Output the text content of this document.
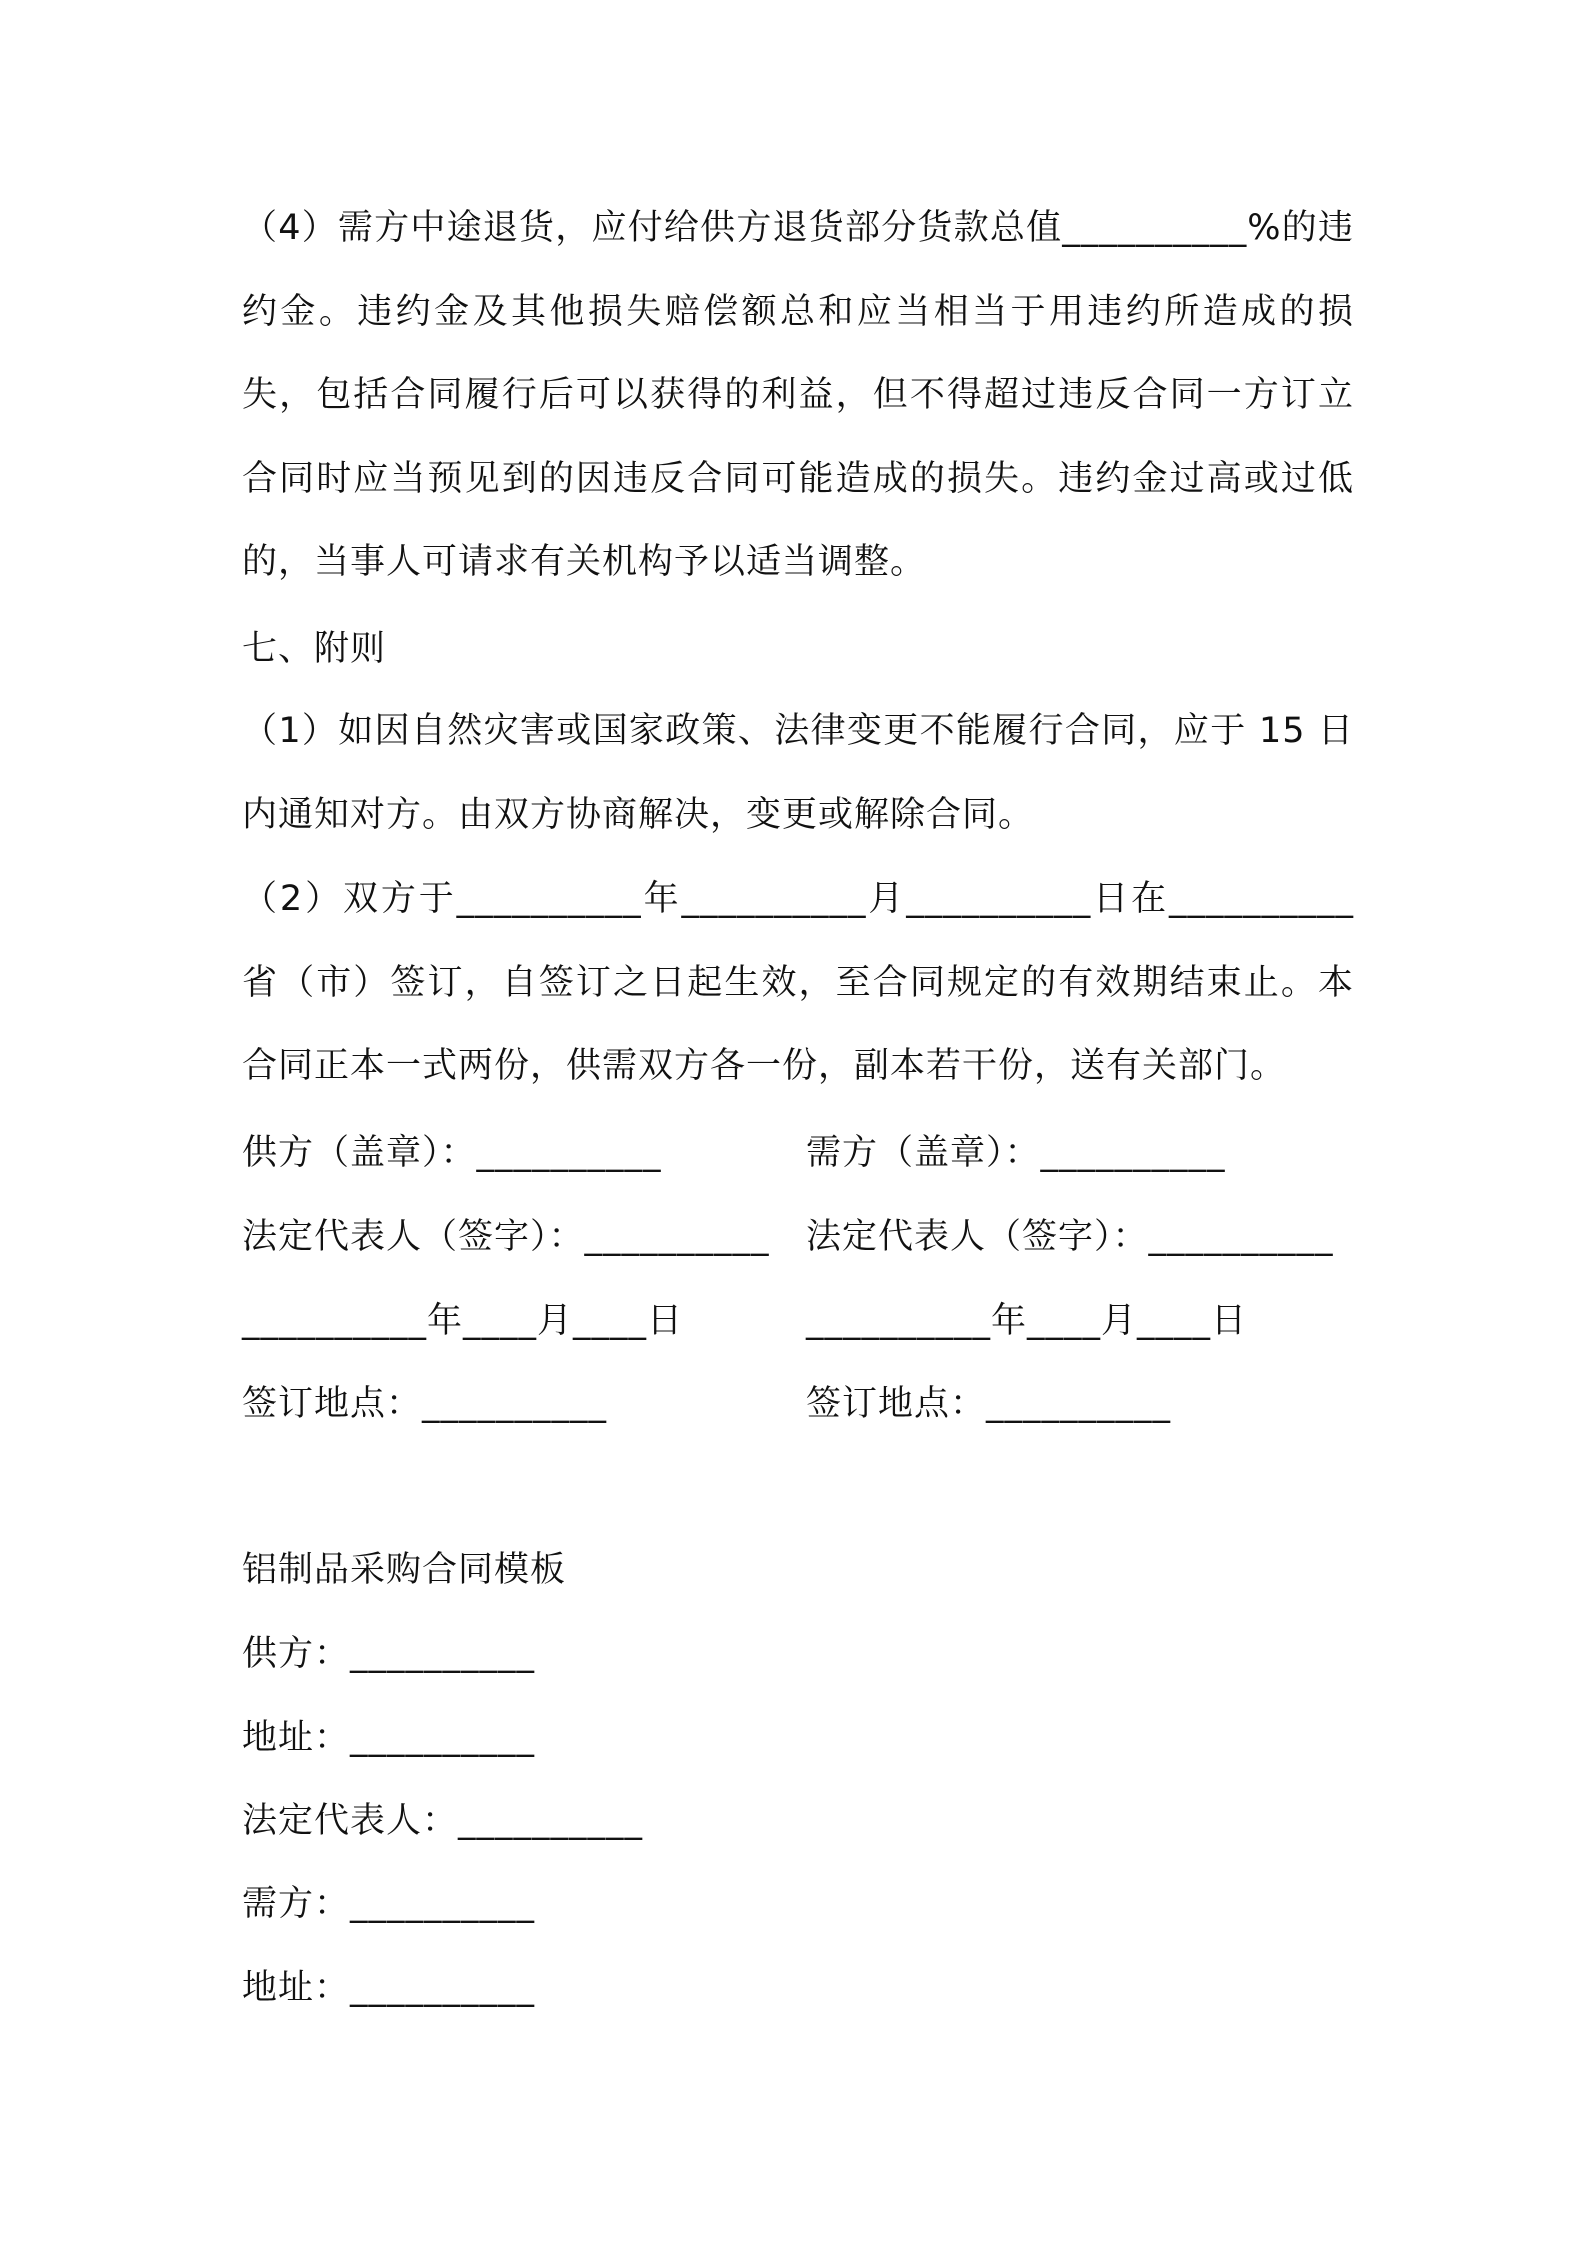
（4）需方中途退货，应付给供方退货部分货款总值__________%的违约金。违约金及其他损失赔偿额总和应当相当于用违约所造成的损失，包括合同履行后可以获得的利益，但不得超过违反合同一方订立合同时应当预见到的因违反合同可能造成的损失。违约金过高或过低的，当事人可请求有关机构予以适当调整。
七、附则
（1）如因自然灾害或国家政策、法律变更不能履行合同，应于 15 日内通知对方。由双方协商解决，变更或解除合同。
（2）双方于__________年__________月__________日在__________省（市）签订，自签订之日起生效，至合同规定的有效期结束止。本合同正本一式两份，供需双方各一份，副本若干份，送有关部门。
供方（盖章）：__________	需方（盖章）：__________
法定代表人（签字）：__________ 法定代表人（签字）：__________
__________年____月____日	__________年____月____日
签订地点：__________	签订地点：__________
铝制品采购合同模板
供方：__________
地址：__________
法定代表人：__________
需方：__________
地址：__________
